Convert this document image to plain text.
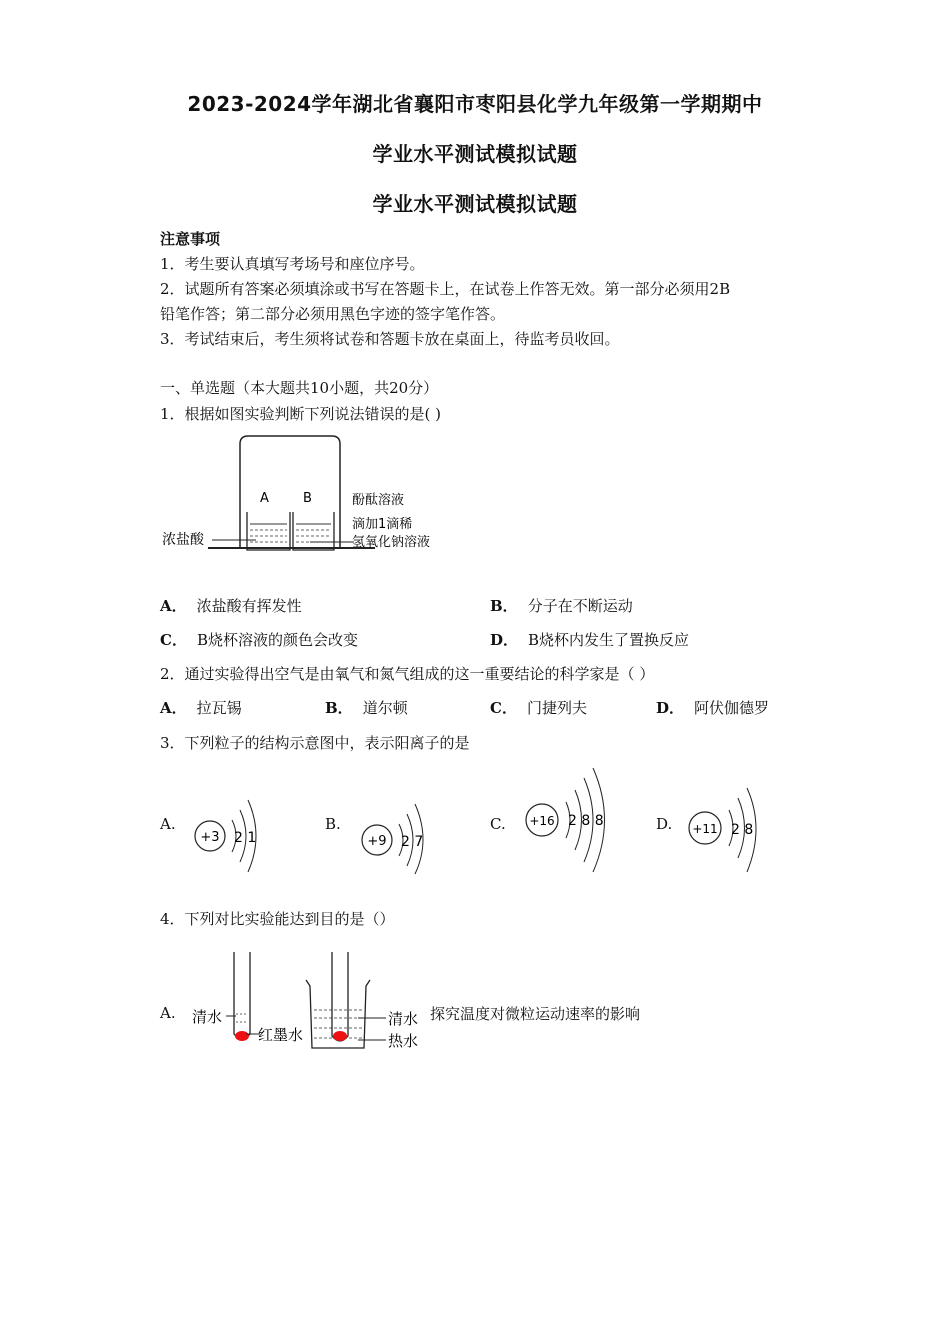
2023-2024学年湖北省襄阳市枣阳县化学九年级第一学期期中
学业水平测试模拟试题
学业水平测试模拟试题
注意事项
1．考生要认真填写考场号和座位序号。
2．试题所有答案必须填涂或书写在答题卡上，在试卷上作答无效。第一部分必须用2B
铅笔作答；第二部分必须用黑色字迹的签字笔作答。
3．考试结束后，考生须将试卷和答题卡放在桌面上，待监考员收回。
一、单选题（本大题共10小题，共20分）
1．根据如图实验判断下列说法错误的是( )
A	B	酚酞溶液
滴加1滴稀
氢氧化钠溶液
浓盐酸
A． 浓盐酸有挥发性	B． 分子在不断运动
C． B烧杯溶液的颜色会改变	D． B烧杯内发生了置换反应
2．通过实验得出空气是由氧气和氮气组成的这一重要结论的科学家是（ ）
A． 拉瓦锡	B． 道尔顿	C． 门捷列夫	D． 阿伏伽德罗
3．下列粒子的结构示意图中，表示阳离子的是
A.
+3 2 1
B.
+9 2 7
C. +16 2 8 8	D. +11 2 8
4．下列对比实验能达到目的是（）
A. 清水
红墨水
清水
热水
探究温度对微粒运动速率的影响
